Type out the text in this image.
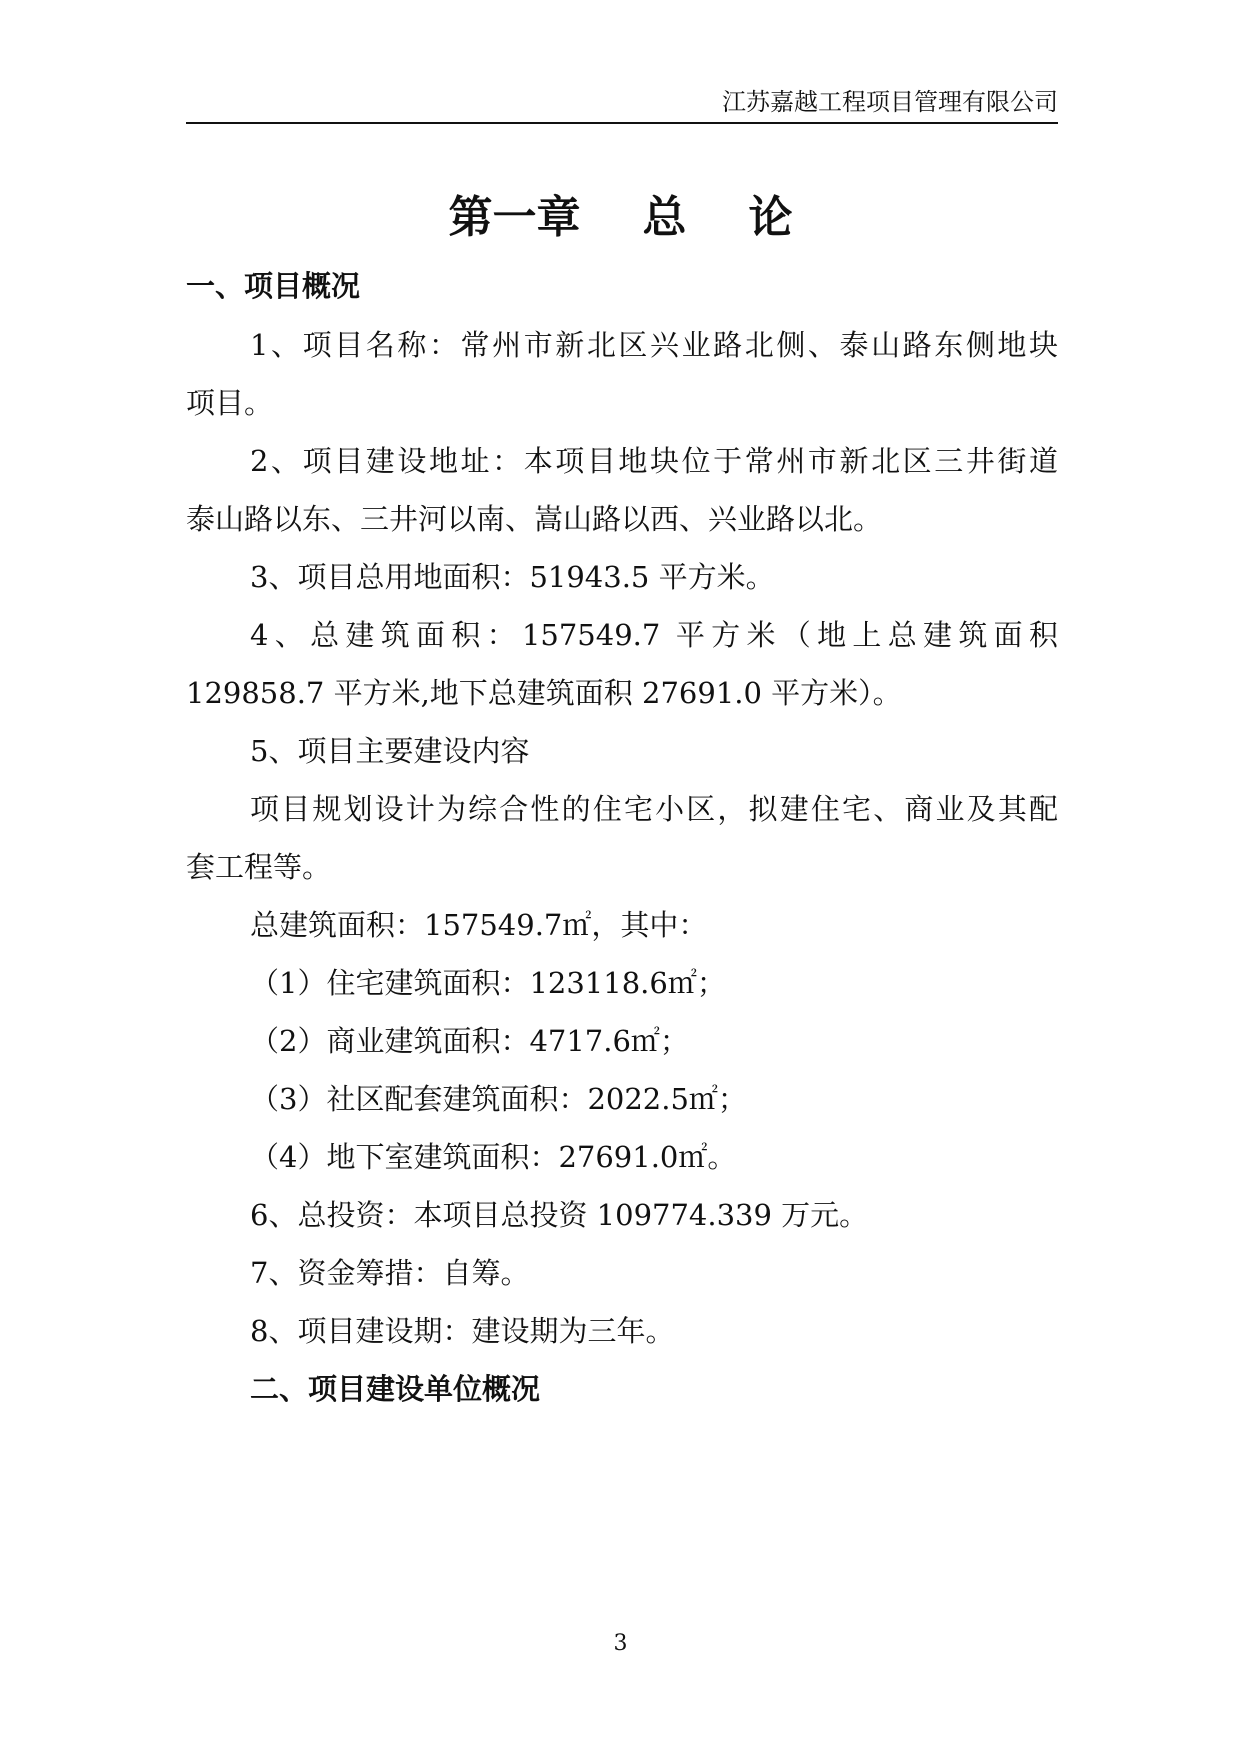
江苏嘉越工程项目管理有限公司
第一章 总 论
一、项目概况
1、项目名称：常州市新北区兴业路北侧、泰山路东侧地块
项目。
2、项目建设地址：本项目地块位于常州市新北区三井街道
泰山路以东、三井河以南、嵩山路以西、兴业路以北。
3、项目总用地面积：51943.5 平方米。
4、总建筑面积：157549.7 平方米（地上总建筑面积
129858.7 平方米,地下总建筑面积 27691.0 平方米）。
5、项目主要建设内容
项目规划设计为综合性的住宅小区，拟建住宅、商业及其配
套工程等。
总建筑面积：157549.7㎡，其中：
（1）住宅建筑面积：123118.6㎡；
（2）商业建筑面积：4717.6㎡；
（3）社区配套建筑面积：2022.5㎡；
（4）地下室建筑面积：27691.0㎡。
6、总投资：本项目总投资 109774.339 万元。
7、资金筹措：自筹。
8、项目建设期：建设期为三年。
二、项目建设单位概况
3
